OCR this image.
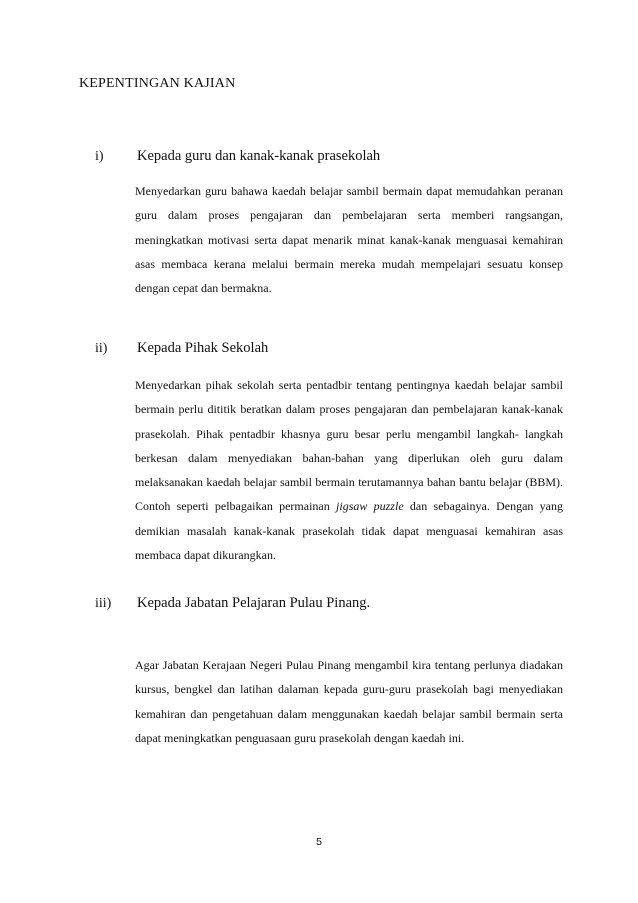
KEPENTINGAN KAJIAN
i) Kepada guru dan kanak-kanak prasekolah

Menyedarkan guru bahawa kaedah belajar sambil bermain dapat memudahkan peranan guru dalam proses pengajaran dan pembelajaran serta memberi rangsangan, meningkatkan motivasi serta dapat menarik minat kanak-kanak menguasai kemahiran asas membaca kerana melalui bermain mereka mudah mempelajari sesuatu konsep dengan cepat dan bermakna.

ii) Kepada Pihak Sekolah

Menyedarkan pihak sekolah serta pentadbir tentang pentingnya kaedah belajar sambil bermain perlu dititik beratkan dalam proses pengajaran dan pembelajaran kanak-kanak prasekolah. Pihak pentadbir khasnya guru besar perlu mengambil langkah- langkah berkesan dalam menyediakan bahan-bahan yang diperlukan oleh guru dalam melaksanakan kaedah belajar sambil bermain terutamannya bahan bantu belajar (BBM). Contoh seperti pelbagaikan permainan jigsaw puzzle dan sebagainya. Dengan yang demikian masalah kanak-kanak prasekolah tidak dapat menguasai kemahiran asas membaca dapat dikurangkan.

iii) Kepada Jabatan Pelajaran Pulau Pinang.

Agar Jabatan Kerajaan Negeri Pulau Pinang mengambil kira tentang perlunya diadakan kursus, bengkel dan latihan dalaman kepada guru-guru prasekolah bagi menyediakan kemahiran dan pengetahuan dalam menggunakan kaedah belajar sambil bermain serta dapat meningkatkan penguasaan guru prasekolah dengan kaedah ini.

5
